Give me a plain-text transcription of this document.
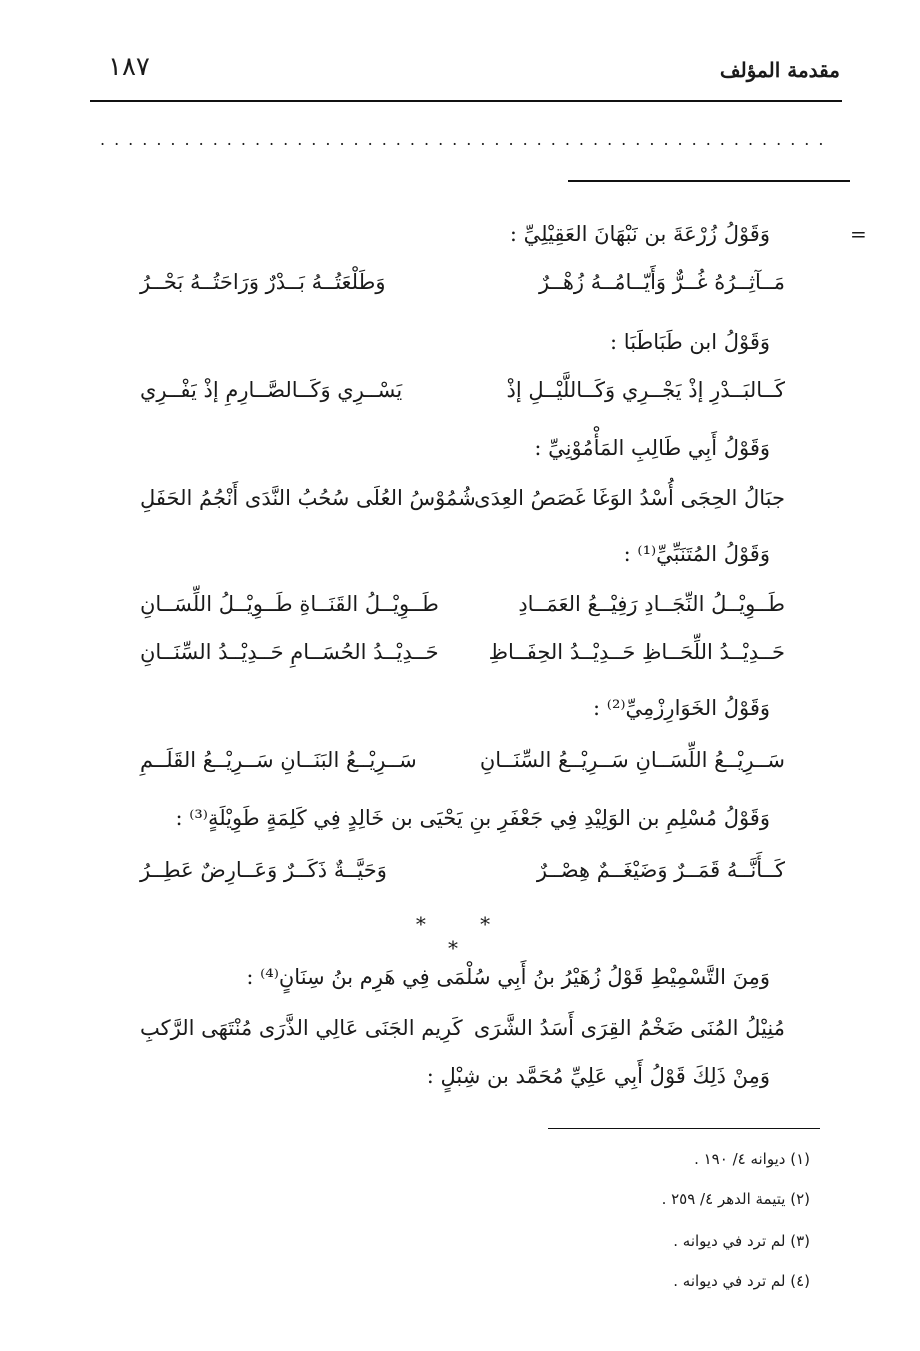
مقدمة المؤلف
١٨٧
....................................................
=
وَقَوْلُ زُرْعَةَ بن نَبْهَانَ العَقِيْلِيِّ :
مَــآثِــرُهُ غُــرٌّ وَأَيّــامُــهُ زُهْــرٌ
وَطَلْعَتُــهُ بَــدْرٌ وَرَاحَتُــهُ بَحْــرُ
وَقَوْلُ ابن طَبَاطَبَا :
كَــالبَــدْرِ إذْ يَجْــرِي وَكَــاللَّيْــلِ إذْ
يَسْــرِي وَكَــالصَّــارِمِ إذْ يَفْــرِي
وَقَوْلُ أَبِي طَالِبِ المَأْمُوْنِيِّ :
جبَالُ الحِجَى أُسْدُ الوَغَا غَصَصُ العِدَى
شُمُوْسُ العُلَى سُحُبُ النَّدَى أَنْجُمُ الحَفَلِ
وَقَوْلُ المُتَنَبِّيِّ⁽¹⁾ :
طَــوِيْــلُ النِّجَــادِ رَفِيْــعُ العَمَــادِ
طَــوِيْــلُ القَنَــاةِ طَــوِيْــلُ اللِّسَــانِ
حَــدِيْــدُ اللِّحَــاظِ حَــدِيْــدُ الحِفَــاظِ
حَــدِيْــدُ الحُسَــامِ حَــدِيْــدُ السِّنَــانِ
وَقَوْلُ الخَوَارِزْمِيِّ⁽²⁾ :
سَــرِيْــعُ اللِّسَــانِ سَــرِيْــعُ السِّنَــانِ
سَــرِيْــعُ البَنَــانِ سَــرِيْــعُ القَلَــمِ
وَقَوْلُ مُسْلِمِ بن الوَلِيْدِ فِي جَعْفَرِ بنِ يَحْيَى بن خَالِدٍ فِي كَلِمَةٍ طَوِيْلَةٍ⁽³⁾ :
كَــأَنَّــهُ قَمَــرٌ وَضَيْغَــمٌ هِصْــرٌ
وَحَيَّــةٌ ذَكَــرٌ وَعَــارِضٌ عَطِــرُ
* * *
وَمِنَ التَّسْمِيْطِ قَوْلُ زُهَيْرُ بنُ أَبِي سُلْمَى فِي هَرِم بنُ سِنَانٍ⁽⁴⁾ :
مُنِيْلُ المُنَى ضَخْمُ القِرَى أَسَدُ الشَّرَى
كَرِيم الجَنَى عَالِي الذَّرَى مُنْتَهَى الرَّكبِ
وَمِنْ ذَلِكَ قَوْلُ أَبِي عَلِيِّ مُحَمَّد بن شِبْلٍ :
(١) ديوانه ٤/ ١٩٠ .
(٢) يتيمة الدهر ٤/ ٢٥٩ .
(٣) لم ترد في ديوانه .
(٤) لم ترد في ديوانه .
